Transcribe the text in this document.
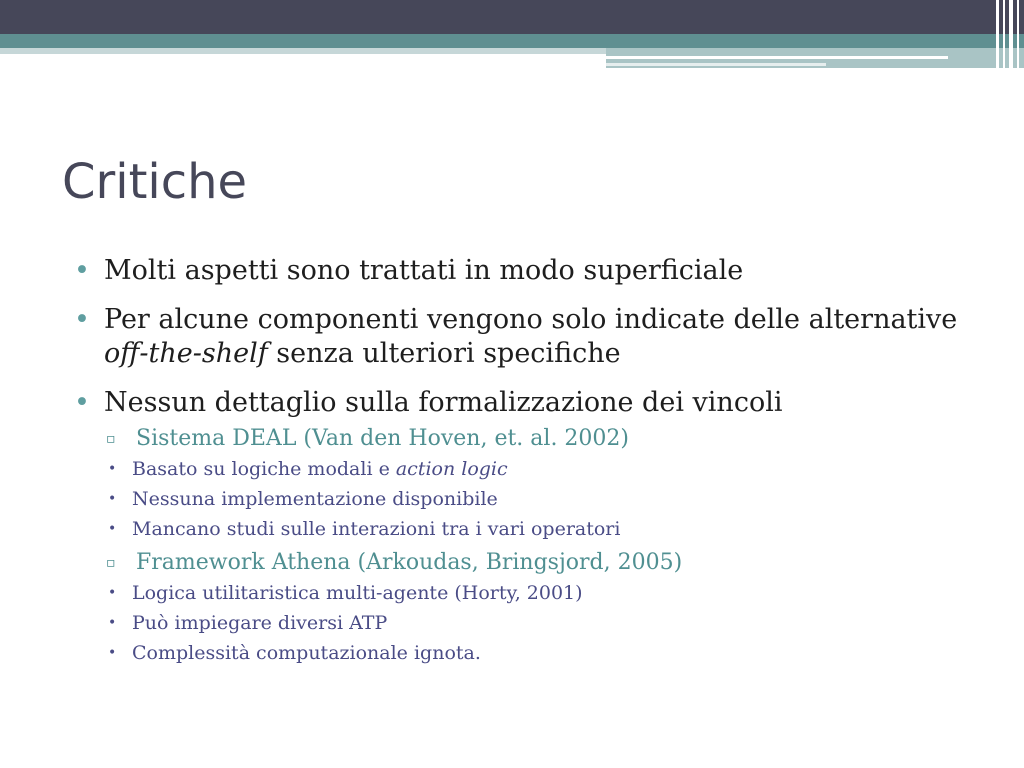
Critiche
• Molti aspetti sono trattati in modo superficiale
• Per alcune componenti vengono solo indicate delle alternative off-the-shelf senza ulteriori specifiche
• Nessun dettaglio sulla formalizzazione dei vincoli
▫ Sistema DEAL (Van den Hoven, et. al. 2002)
• Basato su logiche modali e action logic
• Nessuna implementazione disponibile
• Mancano studi sulle interazioni tra i vari operatori
▫ Framework Athena (Arkoudas, Bringsjord, 2005)
• Logica utilitaristica multi-agente (Horty, 2001)
• Può impiegare diversi ATP
• Complessità computazionale ignota.
